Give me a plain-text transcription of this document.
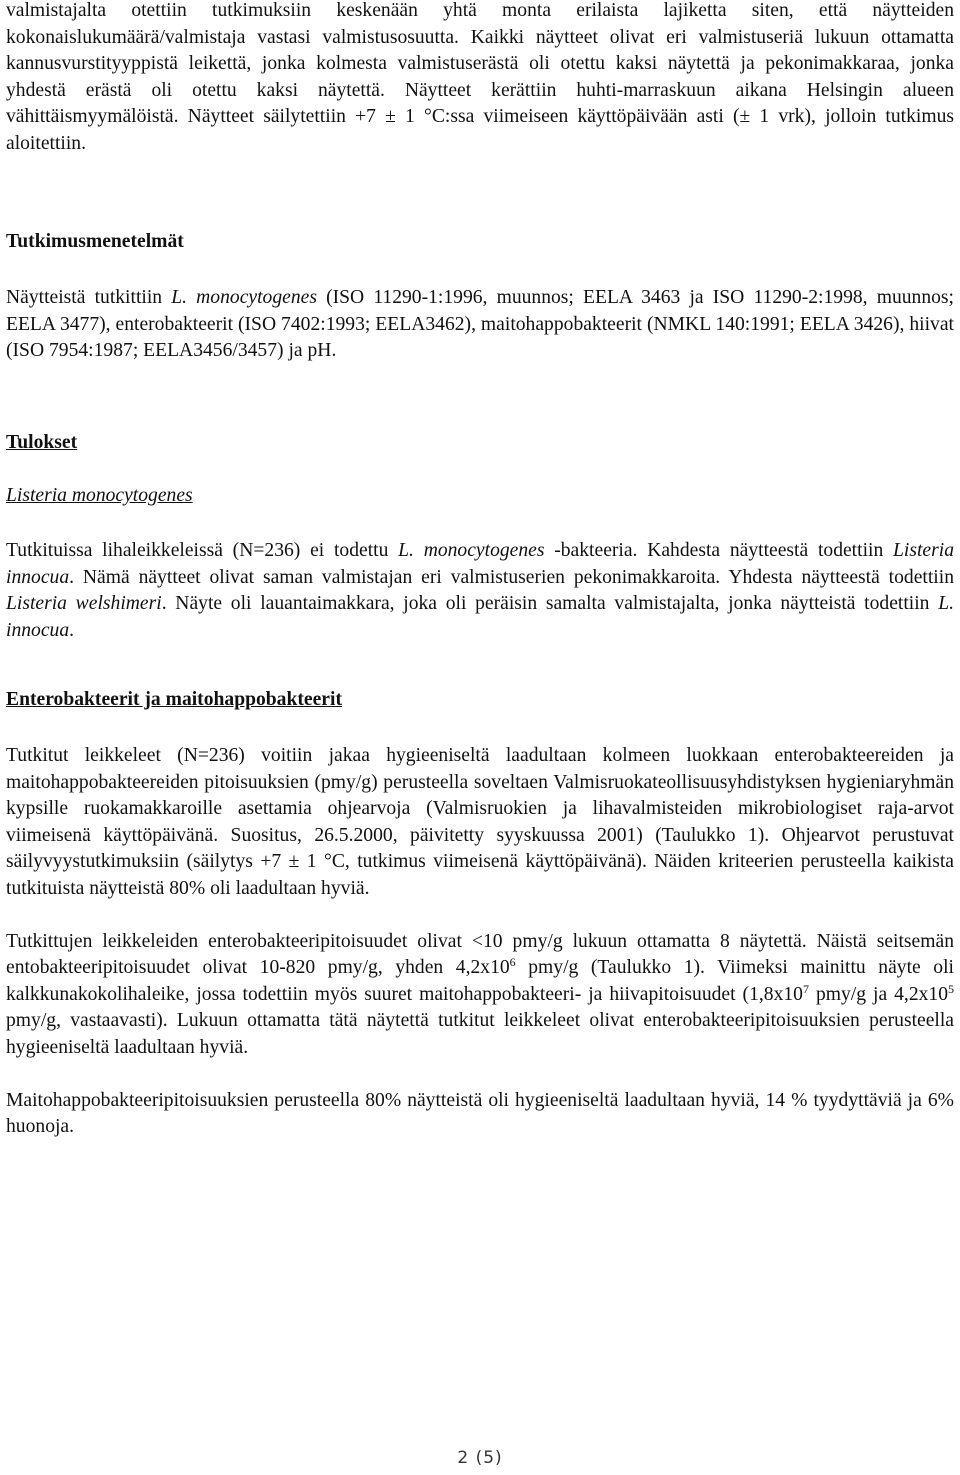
valmistajalta otettiin tutkimuksiin keskenään yhtä monta erilaista lajiketta siten, että näytteiden kokonaislukumäärä/valmistaja vastasi valmistusosuutta. Kaikki näytteet olivat eri valmistuseriä lukuun ottamatta kannusvurstityyppistä leikettä, jonka kolmesta valmistuserästä oli otettu kaksi näytettä ja pekonimakkaraa, jonka yhdestä erästä oli otettu kaksi näytettä. Näytteet kerättiin huhti-marraskuun aikana Helsingin alueen vähittäismyymälöistä. Näytteet säilytettiin +7 ± 1 °C:ssa viimeiseen käyttöpäivään asti (± 1 vrk), jolloin tutkimus aloitettiin.

Tutkimusmenetelmät

Näytteistä tutkittiin L. monocytogenes (ISO 11290-1:1996, muunnos; EELA 3463 ja ISO 11290-2:1998, muunnos; EELA 3477), enterobakteerit (ISO 7402:1993; EELA3462), maitohappobakteerit (NMKL 140:1991; EELA 3426), hiivat (ISO 7954:1987; EELA3456/3457) ja pH.

Tulokset

Listeria monocytogenes

Tutkituissa lihaleikkeleissä (N=236) ei todettu L. monocytogenes -bakteeria. Kahdesta näytteestä todettiin Listeria innocua. Nämä näytteet olivat saman valmistajan eri valmistuserien pekonimakkaroita. Yhdesta näytteestä todettiin Listeria welshimeri. Näyte oli lauantaimakkara, joka oli peräisin samalta valmistajalta, jonka näytteistä todettiin L. innocua.

Enterobakteerit ja maitohappobakteerit

Tutkitut leikkeleet (N=236) voitiin jakaa hygieeniseltä laadultaan kolmeen luokkaan enterobakteereiden ja maitohappobakteereiden pitoisuuksien (pmy/g) perusteella soveltaen Valmisruokateollisuusyhdistyksen hygieniaryhmän kypsille ruokamakkaroille asettamia ohjearvoja (Valmisruokien ja lihavalmisteiden mikrobiologiset raja-arvot viimeisenä käyttöpäivänä. Suositus, 26.5.2000, päivitetty syyskuussa 2001) (Taulukko 1). Ohjearvot perustuvat säilyvyystutkimuksiin (säilytys +7 ± 1 °C, tutkimus viimeisenä käyttöpäivänä). Näiden kriteerien perusteella kaikista tutkituista näytteistä 80% oli laadultaan hyviä.

Tutkittujen leikkeleiden enterobakteeripitoisuudet olivat <10 pmy/g lukuun ottamatta 8 näytettä. Näistä seitsemän entobakteeripitoisuudet olivat 10-820 pmy/g, yhden $4,2x10^6$ pmy/g (Taulukko 1). Viimeksi mainittu näyte oli kalkkunakokolihaleike, jossa todettiin myös suuret maitohappobakteeri- ja hiivapitoisuudet ($1,8x10^7$ pmy/g ja $4,2x10^5$ pmy/g, vastaavasti). Lukuun ottamatta tätä näytettä tutkitut leikkeleet olivat enterobakteeripitoisuuksien perusteella hygieeniseltä laadultaan hyviä.

Maitohappobakteeripitoisuuksien perusteella 80% näytteistä oli hygieeniseltä laadultaan hyviä, 14 % tyydyttäviä ja 6% huonoja.

2 (5)
